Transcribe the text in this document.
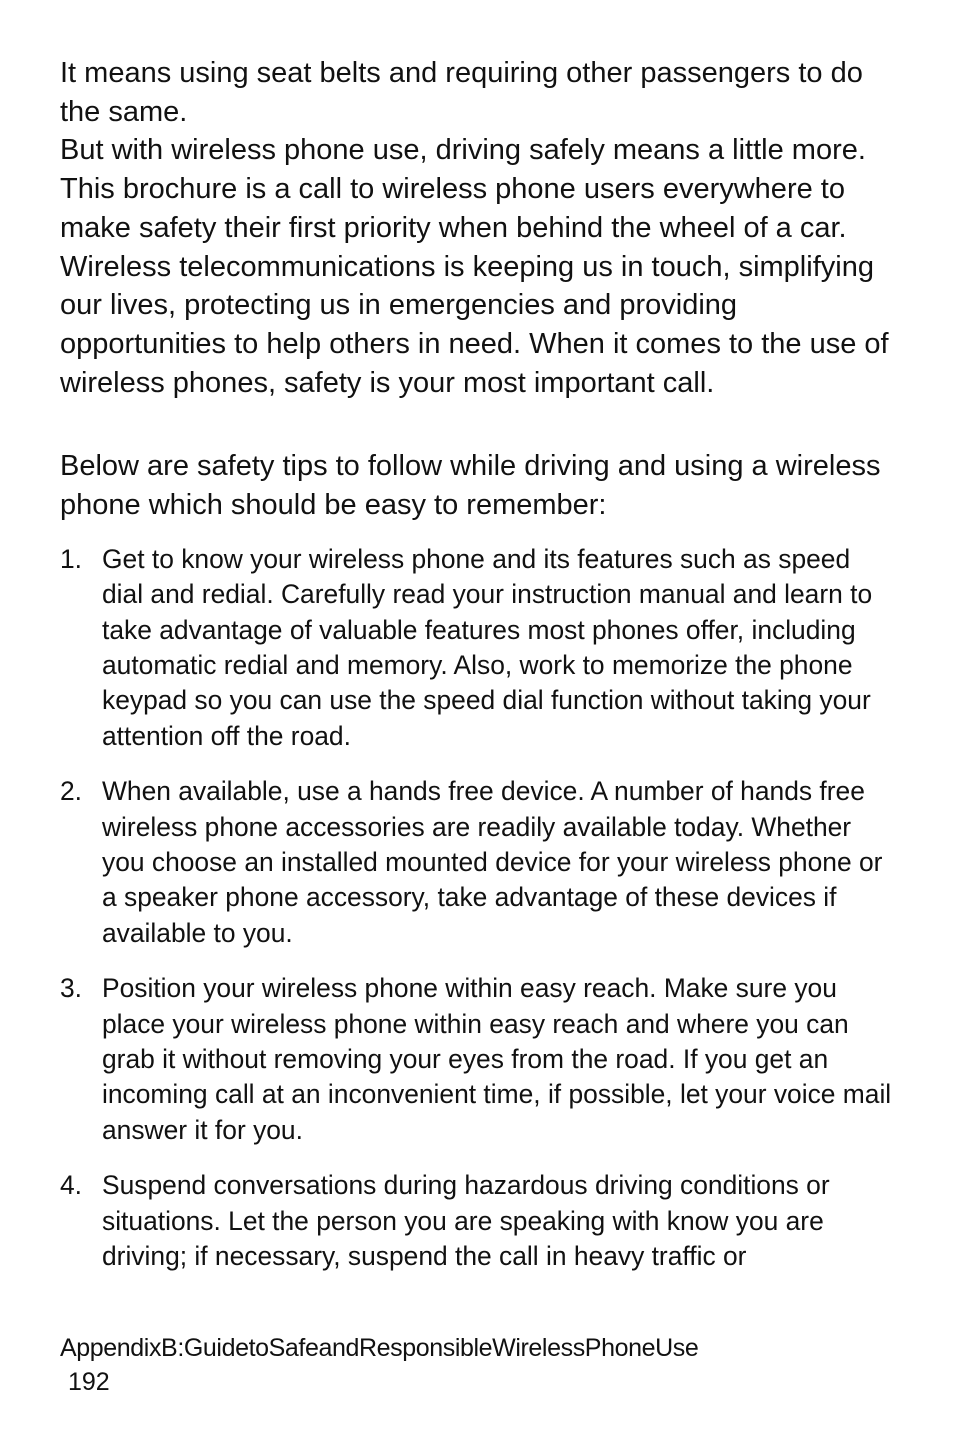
It means using seat belts and requiring other passengers to do the same.

But with wireless phone use, driving safely means a little more. This brochure is a call to wireless phone users everywhere to make safety their first priority when behind the wheel of a car. Wireless telecommunications is keeping us in touch, simplifying our lives, protecting us in emergencies and providing opportunities to help others in need. When it comes to the use of wireless phones, safety is your most important call.

Below are safety tips to follow while driving and using a wireless phone which should be easy to remember:

1. Get to know your wireless phone and its features such as speed dial and redial. Carefully read your instruction manual and learn to take advantage of valuable features most phones offer, including automatic redial and memory. Also, work to memorize the phone keypad so you can use the speed dial function without taking your attention off the road.
2. When available, use a hands free device. A number of hands free wireless phone accessories are readily available today. Whether you choose an installed mounted device for your wireless phone or a speaker phone accessory, take advantage of these devices if available to you.
3. Position your wireless phone within easy reach. Make sure you place your wireless phone within easy reach and where you can grab it without removing your eyes from the road. If you get an incoming call at an inconvenient time, if possible, let your voice mail answer it for you.
4. Suspend conversations during hazardous driving conditions or situations. Let the person you are speaking with know you are driving; if necessary, suspend the call in heavy traffic or
AppendixB:GuidetoSafeandResponsibleWirelessPhoneUse
192
